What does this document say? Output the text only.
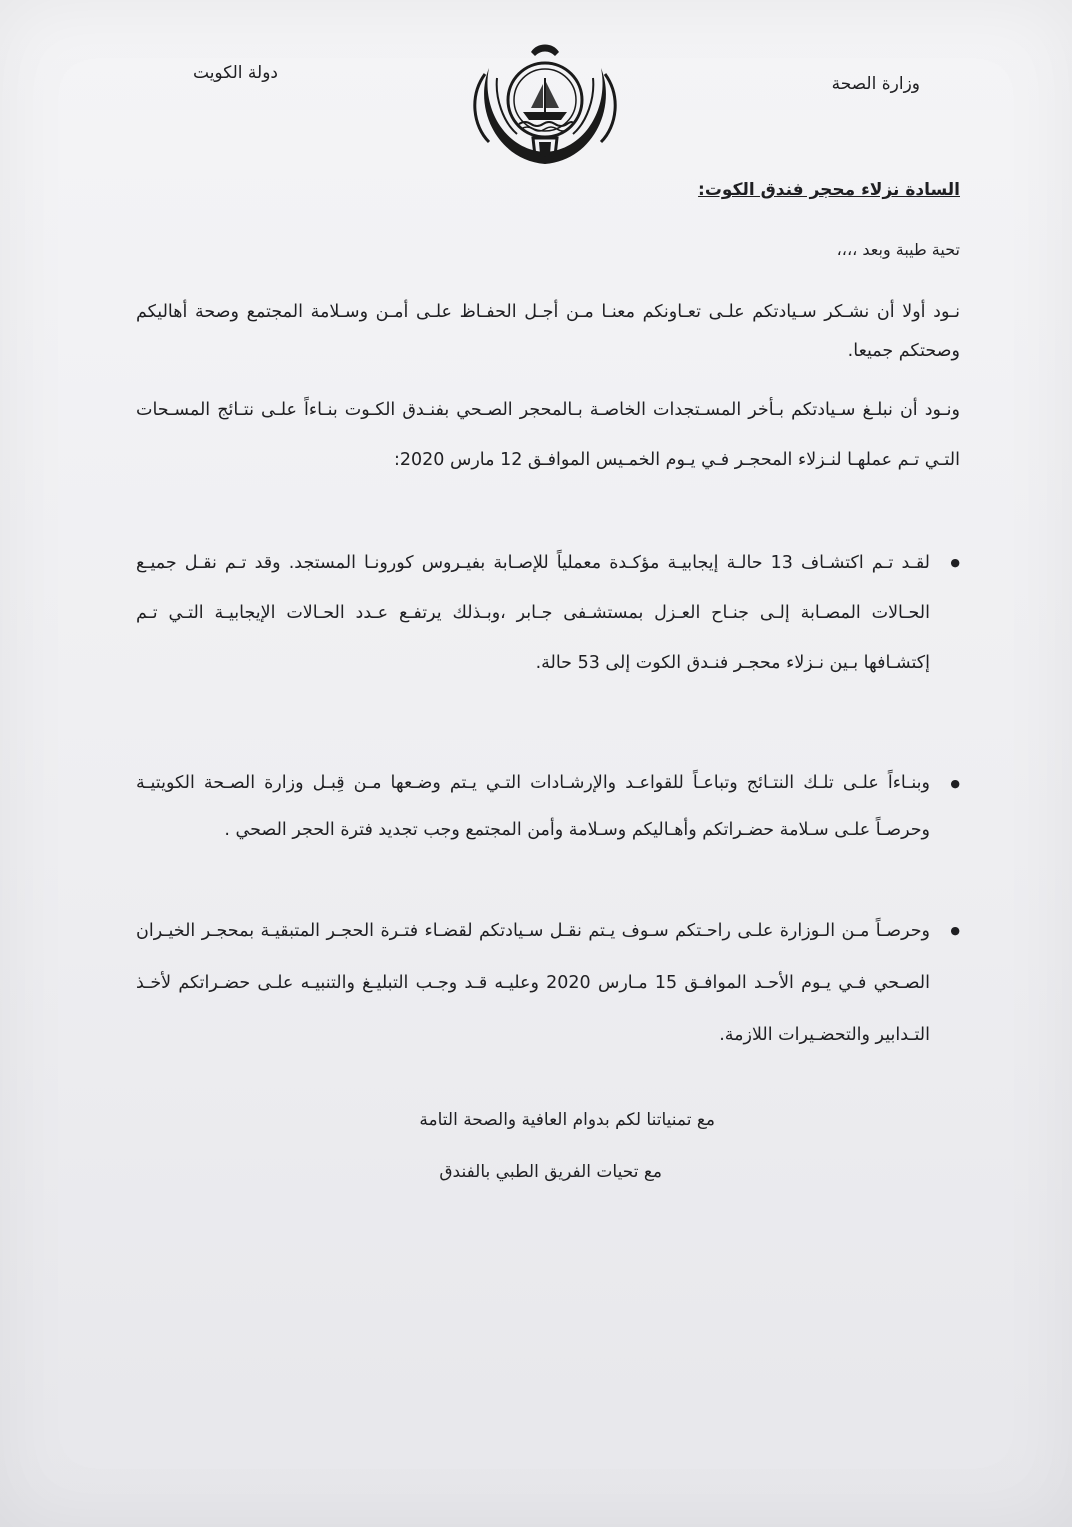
وزارة الصحة
دولة الكويت
السادة نزلاء محجر فندق الكوت:
تحية طيبة وبعد ،،،،
نـود أولا أن نشـكر سـيادتكم علـى تعـاونكم معنـا مـن أجـل الحفـاظ علـى أمـن وسـلامة المجتمع وصحة أهاليكم وصحتكم جميعا.
ونـود أن نبلـغ سـيادتكم بـأخر المسـتجدات الخاصـة بـالمحجر الصـحي بفنـدق الكـوت بنـاءاً علـى نتـائج المسـحات التـي تـم عملهـا لنـزلاء المحجـر فـي يـوم الخمـيس الموافـق 12 مارس 2020:
● لقـد تـم اكتشـاف 13 حالـة إيجابيـة مؤكـدة معملياً للإصـابة بفيـروس كورونـا المستجد. وقد تـم نقـل جميـع الحـالات المصـابة إلـى جنـاح العـزل بمستشـفى جـابر ،وبـذلك يرتفـع عـدد الحـالات الإيجابيـة التـي تـم إكتشـافها بـين نـزلاء محجـر فنـدق الكوت إلى 53 حالة.
● وبنـاءاً علـى تلـك النتـائج وتباعـاً للقواعـد والإرشـادات التـي يـتم وضـعها مـن قِبـل وزارة الصـحة الكويتيـة وحرصـاً علـى سـلامة حضـراتكم وأهـاليكم وسـلامة وأمن المجتمع وجب تجديد فترة الحجر الصحي .
● وحرصـاً مـن الـوزارة علـى راحـتكم سـوف يـتم نقـل سـيادتكم لقضـاء فتـرة الحجـر المتبقيـة بمحجـر الخيـران الصـحي فـي يـوم الأحـد الموافـق 15 مـارس 2020 وعليـه قـد وجـب التبليـغ والتنبيـه علـى حضـراتكم لأخـذ التـدابير والتحضـيرات اللازمة.
مع تمنياتنا لكم بدوام العافية والصحة التامة
مع تحيات الفريق الطبي بالفندق
